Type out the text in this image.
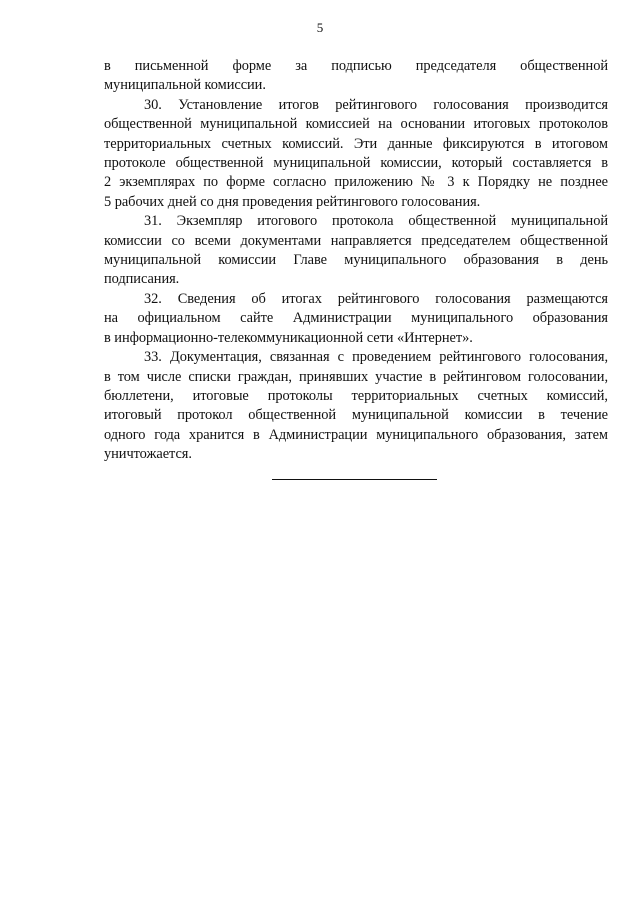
5

в письменной форме за подписью председателя общественной
муниципальной комиссии.

30. Установление итогов рейтингового голосования производится
общественной муниципальной комиссией на основании итоговых протоколов
территориальных счетных комиссий. Эти данные фиксируются в итоговом
протоколе общественной муниципальной комиссии, который составляется в
2 экземплярах по форме согласно приложению № 3 к Порядку не позднее
5 рабочих дней со дня проведения рейтингового голосования.

31. Экземпляр итогового протокола общественной муниципальной
комиссии со всеми документами направляется председателем общественной
муниципальной комиссии Главе муниципального образования в день
подписания.

32. Сведения об итогах рейтингового голосования размещаются
на официальном сайте Администрации муниципального образования
в информационно-телекоммуникационной сети «Интернет».

33. Документация, связанная с проведением рейтингового голосования,
в том числе списки граждан, принявших участие в рейтинговом голосовании,
бюллетени, итоговые протоколы территориальных счетных комиссий,
итоговый протокол общественной муниципальной комиссии в течение
одного года хранится в Администрации муниципального образования, затем
уничтожается.
